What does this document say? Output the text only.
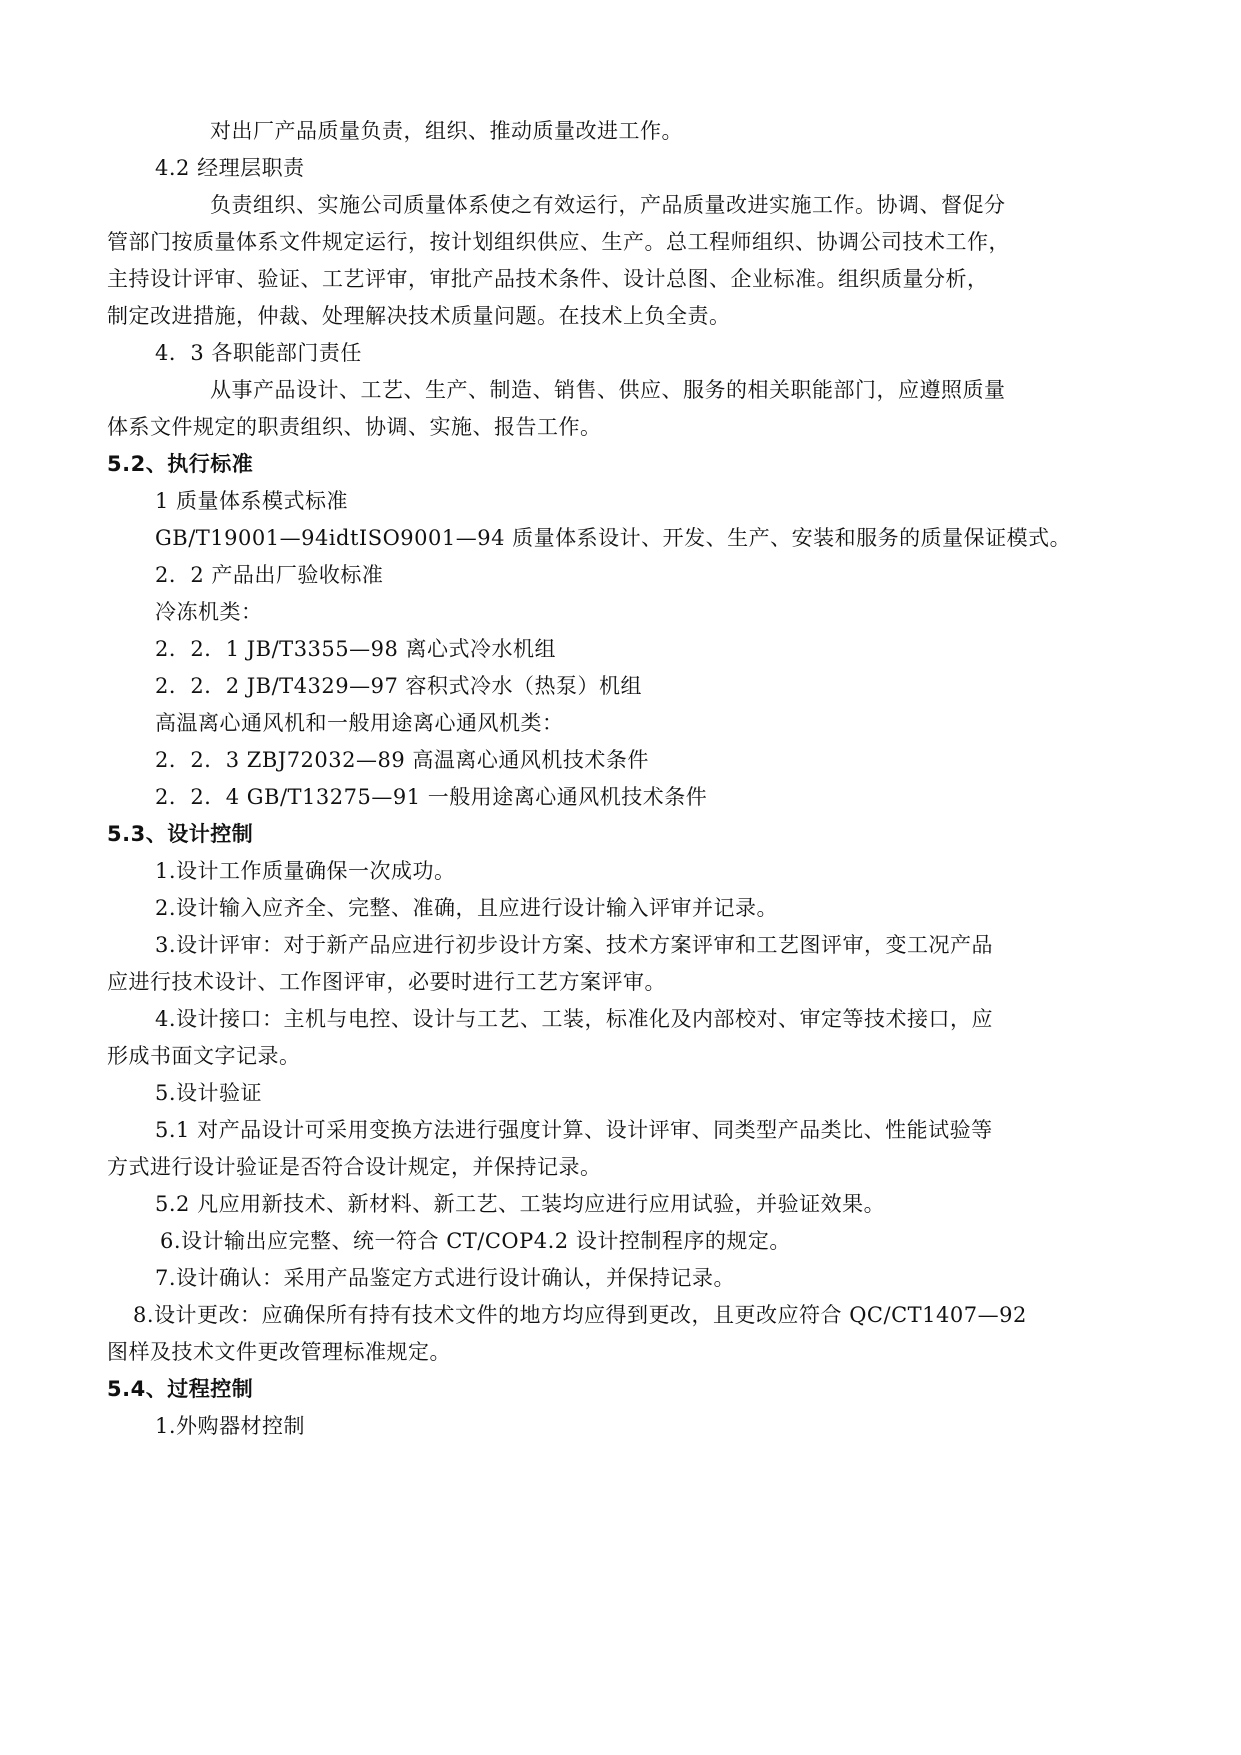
对出厂产品质量负责，组织、推动质量改进工作。
4.2 经理层职责
负责组织、实施公司质量体系使之有效运行，产品质量改进实施工作。协调、督促分
管部门按质量体系文件规定运行，按计划组织供应、生产。总工程师组织、协调公司技术工作，
主持设计评审、验证、工艺评审，审批产品技术条件、设计总图、企业标准。组织质量分析，
制定改进措施，仲裁、处理解决技术质量问题。在技术上负全责。
4．3 各职能部门责任
从事产品设计、工艺、生产、制造、销售、供应、服务的相关职能部门，应遵照质量
体系文件规定的职责组织、协调、实施、报告工作。
5.2、执行标准
1 质量体系模式标准
GB/T19001—94idtISO9001—94 质量体系设计、开发、生产、安装和服务的质量保证模式。
2．2 产品出厂验收标准
冷冻机类：
2．2．1 JB/T3355—98 离心式冷水机组
2．2．2 JB/T4329—97 容积式冷水（热泵）机组
高温离心通风机和一般用途离心通风机类：
2．2．3 ZBJ72032—89 高温离心通风机技术条件
2．2．4 GB/T13275—91 一般用途离心通风机技术条件
5.3、设计控制
1.设计工作质量确保一次成功。
2.设计输入应齐全、完整、准确，且应进行设计输入评审并记录。
3.设计评审：对于新产品应进行初步设计方案、技术方案评审和工艺图评审，变工况产品
应进行技术设计、工作图评审，必要时进行工艺方案评审。
4.设计接口：主机与电控、设计与工艺、工装，标准化及内部校对、审定等技术接口，应
形成书面文字记录。
5.设计验证
5.1 对产品设计可采用变换方法进行强度计算、设计评审、同类型产品类比、性能试验等
方式进行设计验证是否符合设计规定，并保持记录。
5.2 凡应用新技术、新材料、新工艺、工装均应进行应用试验，并验证效果。
6.设计输出应完整、统一符合 CT/COP4.2 设计控制程序的规定。
7.设计确认：采用产品鉴定方式进行设计确认，并保持记录。
8.设计更改：应确保所有持有技术文件的地方均应得到更改，且更改应符合 QC/CT1407—92
图样及技术文件更改管理标准规定。
5.4、过程控制
1.外购器材控制
